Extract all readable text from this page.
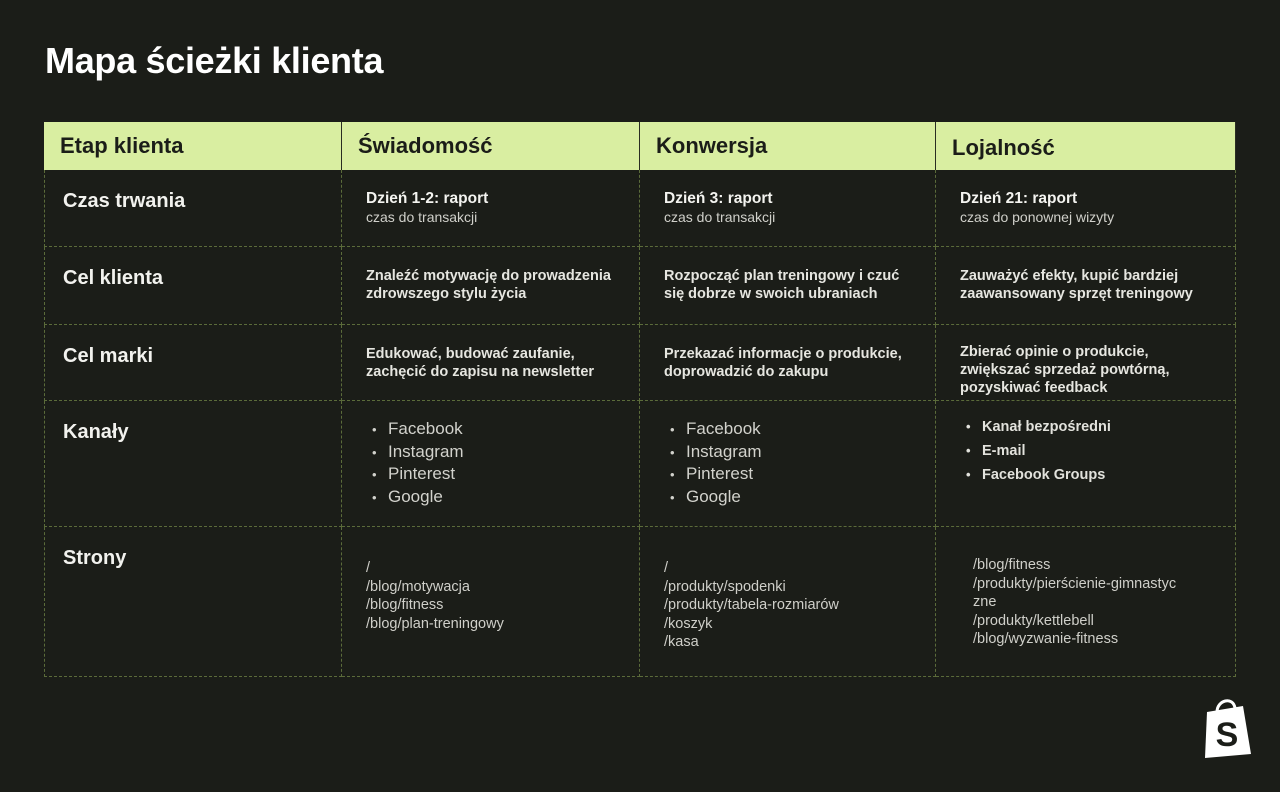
Mapa ścieżki klienta
Etap klienta	Świadomość	Konwersja	Lojalność
Czas trwania	Dzień 1-2: raport
czas do transakcji
Dzień 3: raport
czas do transakcji
Dzień 21: raport
czas do ponownej wizyty
Cel klienta	Znaleźć motywację do prowadzenia
zdrowszego stylu życia
Rozpocząć plan treningowy i czuć
się dobrze w swoich ubraniach
Zauważyć efekty, kupić bardziej
zaawansowany sprzęt treningowy
Cel marki	Edukować, budować zaufanie,
zachęcić do zapisu na newsletter
Przekazać informacje o produkcie,
doprowadzić do zakupu
Zbierać opinie o produkcie,
zwiększać sprzedaż powtórną,
pozyskiwać feedback
Kanały
•	Facebook
• Instagram
• Pinterest
• Google
• Facebook
• Instagram
• Pinterest
• Google
• Kanał bezpośredni
• E-mail
• Facebook Groups
Strony	/
/blog/motywacja
/blog/fitness
/blog/plan-treningowy
/
/produkty/spodenki
/produkty/tabela-rozmiarów
/koszyk
/kasa
/blog/fitness
/produkty/pierścienie-gimnastyc
zne
/produkty/kettlebell
/blog/wyzwanie-fitness
S
